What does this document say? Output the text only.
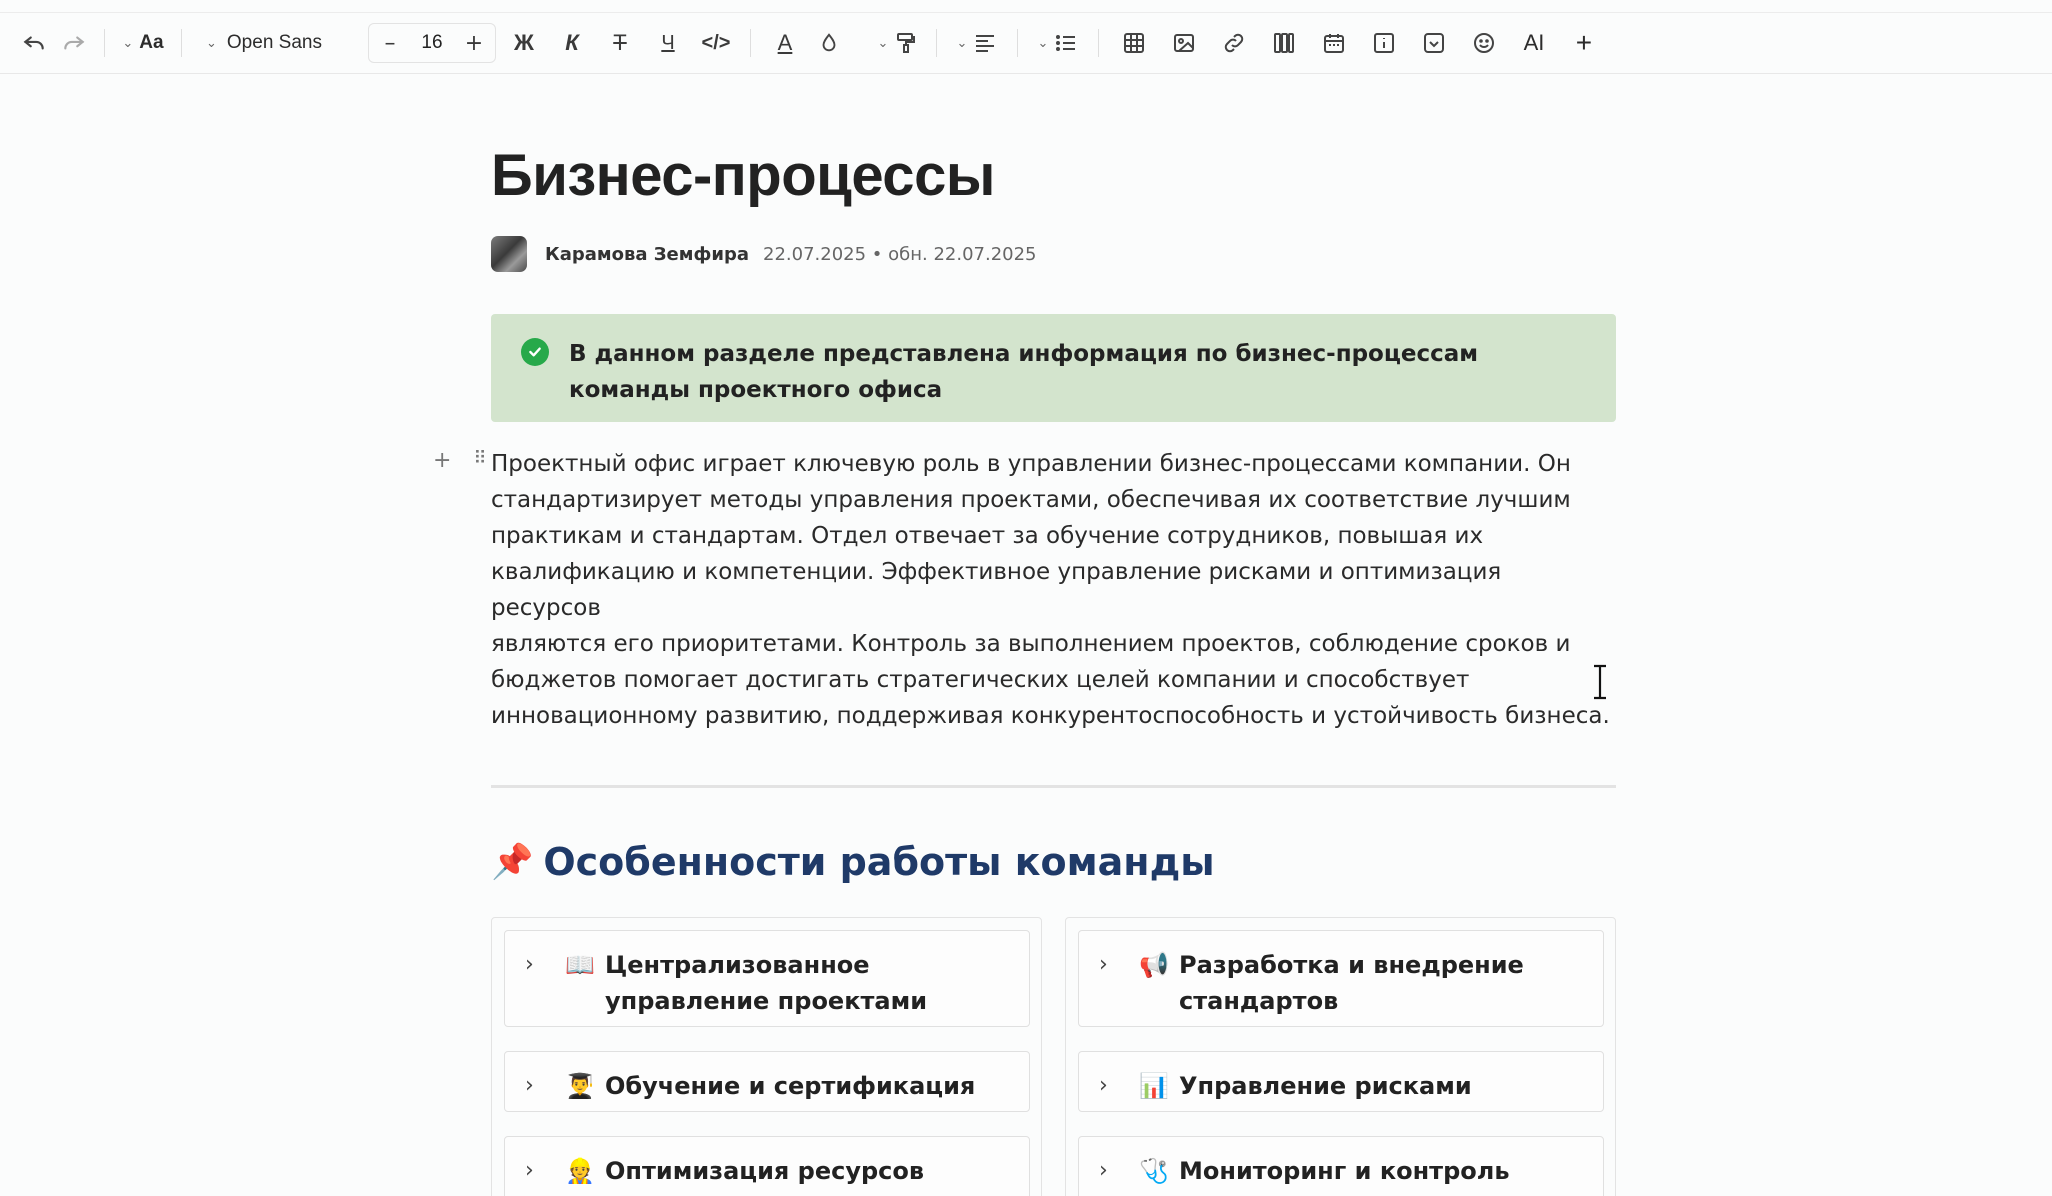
⌄ Aa	⌄ Open Sans	–	16	+	Ж	К	Т	Ч	</>	A	⌄	⌄	⌄	AI	+
Бизнес-процессы
Карамова Земфира 22.07.2025 • обн. 22.07.2025
В данном разделе представлена информация по бизнес-процессам команды проектного офиса
+ ⠿ Проектный офис играет ключевую роль в управлении бизнес-процессами компании. Он
стандартизирует методы управления проектами, обеспечивая их соответствие лучшим
практикам и стандартам. Отдел отвечает за обучение сотрудников, повышая их
квалификацию и компетенции. Эффективное управление рисками и оптимизация ресурсов
являются его приоритетами. Контроль за выполнением проектов, соблюдение сроков и
бюджетов помогает достигать стратегических целей компании и способствует
инновационному развитию, поддерживая конкурентоспособность и устойчивость бизнеса.
📌 Особенности работы команды
›	📖 Централизованное управление проектами
›	👨‍🎓 Обучение и сертификация
›	👷 Оптимизация ресурсов
›	📢 Разработка и внедрение стандартов
›	📊 Управление рисками
›	🩺 Мониторинг и контроль
